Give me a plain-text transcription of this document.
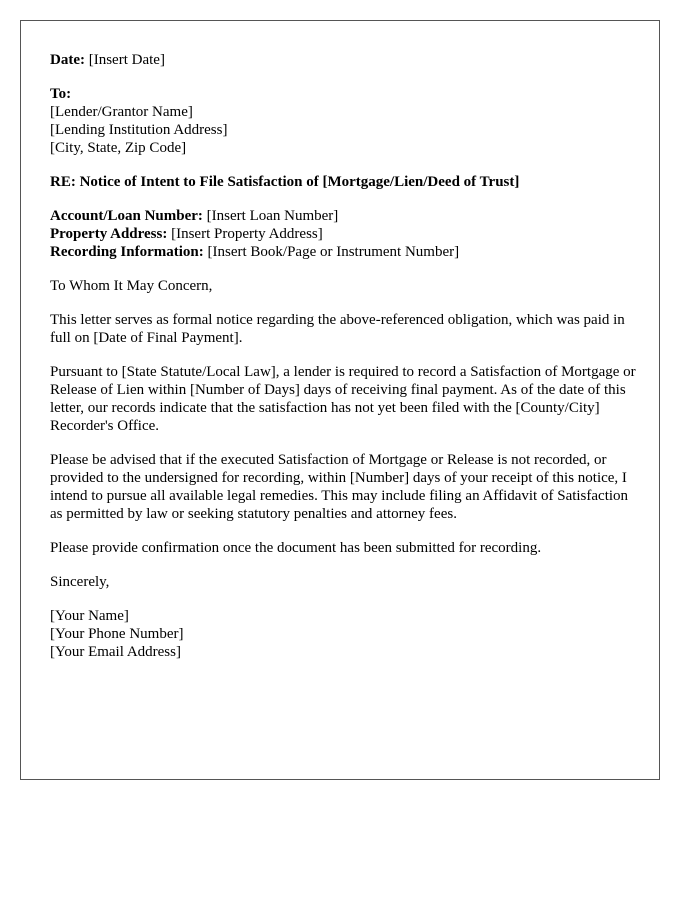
Date: [Insert Date]
To:
[Lender/Grantor Name]
[Lending Institution Address]
[City, State, Zip Code]
RE: Notice of Intent to File Satisfaction of [Mortgage/Lien/Deed of Trust]
Account/Loan Number: [Insert Loan Number]
Property Address: [Insert Property Address]
Recording Information: [Insert Book/Page or Instrument Number]

To Whom It May Concern,

This letter serves as formal notice regarding the above-referenced obligation, which was paid in full on [Date of Final Payment].

Pursuant to [State Statute/Local Law], a lender is required to record a Satisfaction of Mortgage or Release of Lien within [Number of Days] days of receiving final payment. As of the date of this letter, our records indicate that the satisfaction has not yet been filed with the [County/City] Recorder's Office.

Please be advised that if the executed Satisfaction of Mortgage or Release is not recorded, or provided to the undersigned for recording, within [Number] days of your receipt of this notice, I intend to pursue all available legal remedies. This may include filing an Affidavit of Satisfaction as permitted by law or seeking statutory penalties and attorney fees.

Please provide confirmation once the document has been submitted for recording.

Sincerely,

[Your Name]
[Your Phone Number]
[Your Email Address]
